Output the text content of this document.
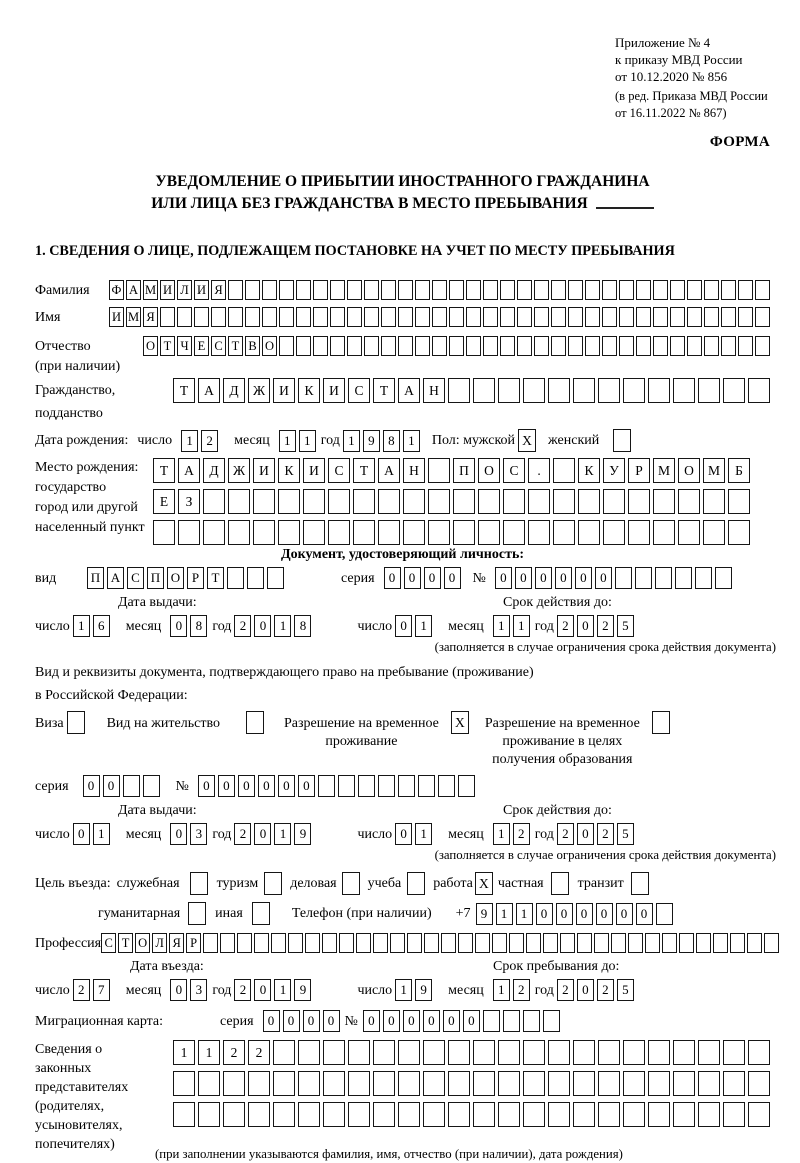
Приложение № 4
к приказу МВД России
от 10.12.2020 № 856
(в ред. Приказа МВД России
от 16.11.2022 № 867)
ФОРМА
УВЕДОМЛЕНИЕ О ПРИБЫТИИ ИНОСТРАННОГО ГРАЖДАНИНА
ИЛИ ЛИЦА БЕЗ ГРАЖДАНСТВА В МЕСТО ПРЕБЫВАНИЯ
1. СВЕДЕНИЯ О ЛИЦЕ, ПОДЛЕЖАЩЕМ ПОСТАНОВКЕ НА УЧЕТ ПО МЕСТУ ПРЕБЫВАНИЯ
Фамилия	Ф А М И Л И Я
Имя	И М Я
Отчество	О Т Ч Е С Т В О
(при наличии)
Гражданство,	Т	А	Д	Ж	И	К	И	С	Т	А	Н
подданство
Дата рождения: число	1	2	месяц	1	1 год 1	9	8	1	Пол: мужской X женский
Место рождения:
государство
город или другой
населенный пункт
Т	А	Д	Ж	И	К	И	С	Т	А	Н	П	О	С	.	К	У	Р	М	О	М	Б
Е	З
Документ, удостоверяющий личность:
вид	П А С П О Р Т	серия	0	0	0	0	№	0	0	0	0	0	0
Дата выдачи:	Срок действия до:
число 1	6	месяц	0	8 год 2	0	1	8	число 0	1	месяц	1	1 год 2	0	2	5
(заполняется в случае ограничения срока действия документа)
Вид и реквизиты документа, подтверждающего право на пребывание (проживание)
в Российской Федерации:
Виза	Вид на жительство	Разрешение на временное
проживание
X Разрешение на временное
проживание в целях
получения образования
серия	0	0	№	0	0	0	0	0	0
Дата выдачи:	Срок действия до:
число 0	1	месяц	0	3 год 2	0	1	9	число 0	1	месяц	1	2 год 2	0	2	5
(заполняется в случае ограничения срока действия документа)
Цель въезда: служебная	туризм деловая учеба работа X частная транзит
гуманитарная	иная	Телефон (при наличии) +7 9	1	1	0	0	0	0	0	0
Профессия С Т О Л Я Р
Дата въезда:	Срок пребывания до:
число 2	7	месяц	0	3 год 2	0	1	9	число 1	9	месяц	1	2 год 2	0	2	5
Миграционная карта:	серия	0	0	0	0 № 0	0	0	0	0	0
Сведения о
законных
представителях
(родителях,
усыновителях,
попечителях)
1	1	2	2
(при заполнении указываются фамилия, имя, отчество (при наличии), дата рождения)
